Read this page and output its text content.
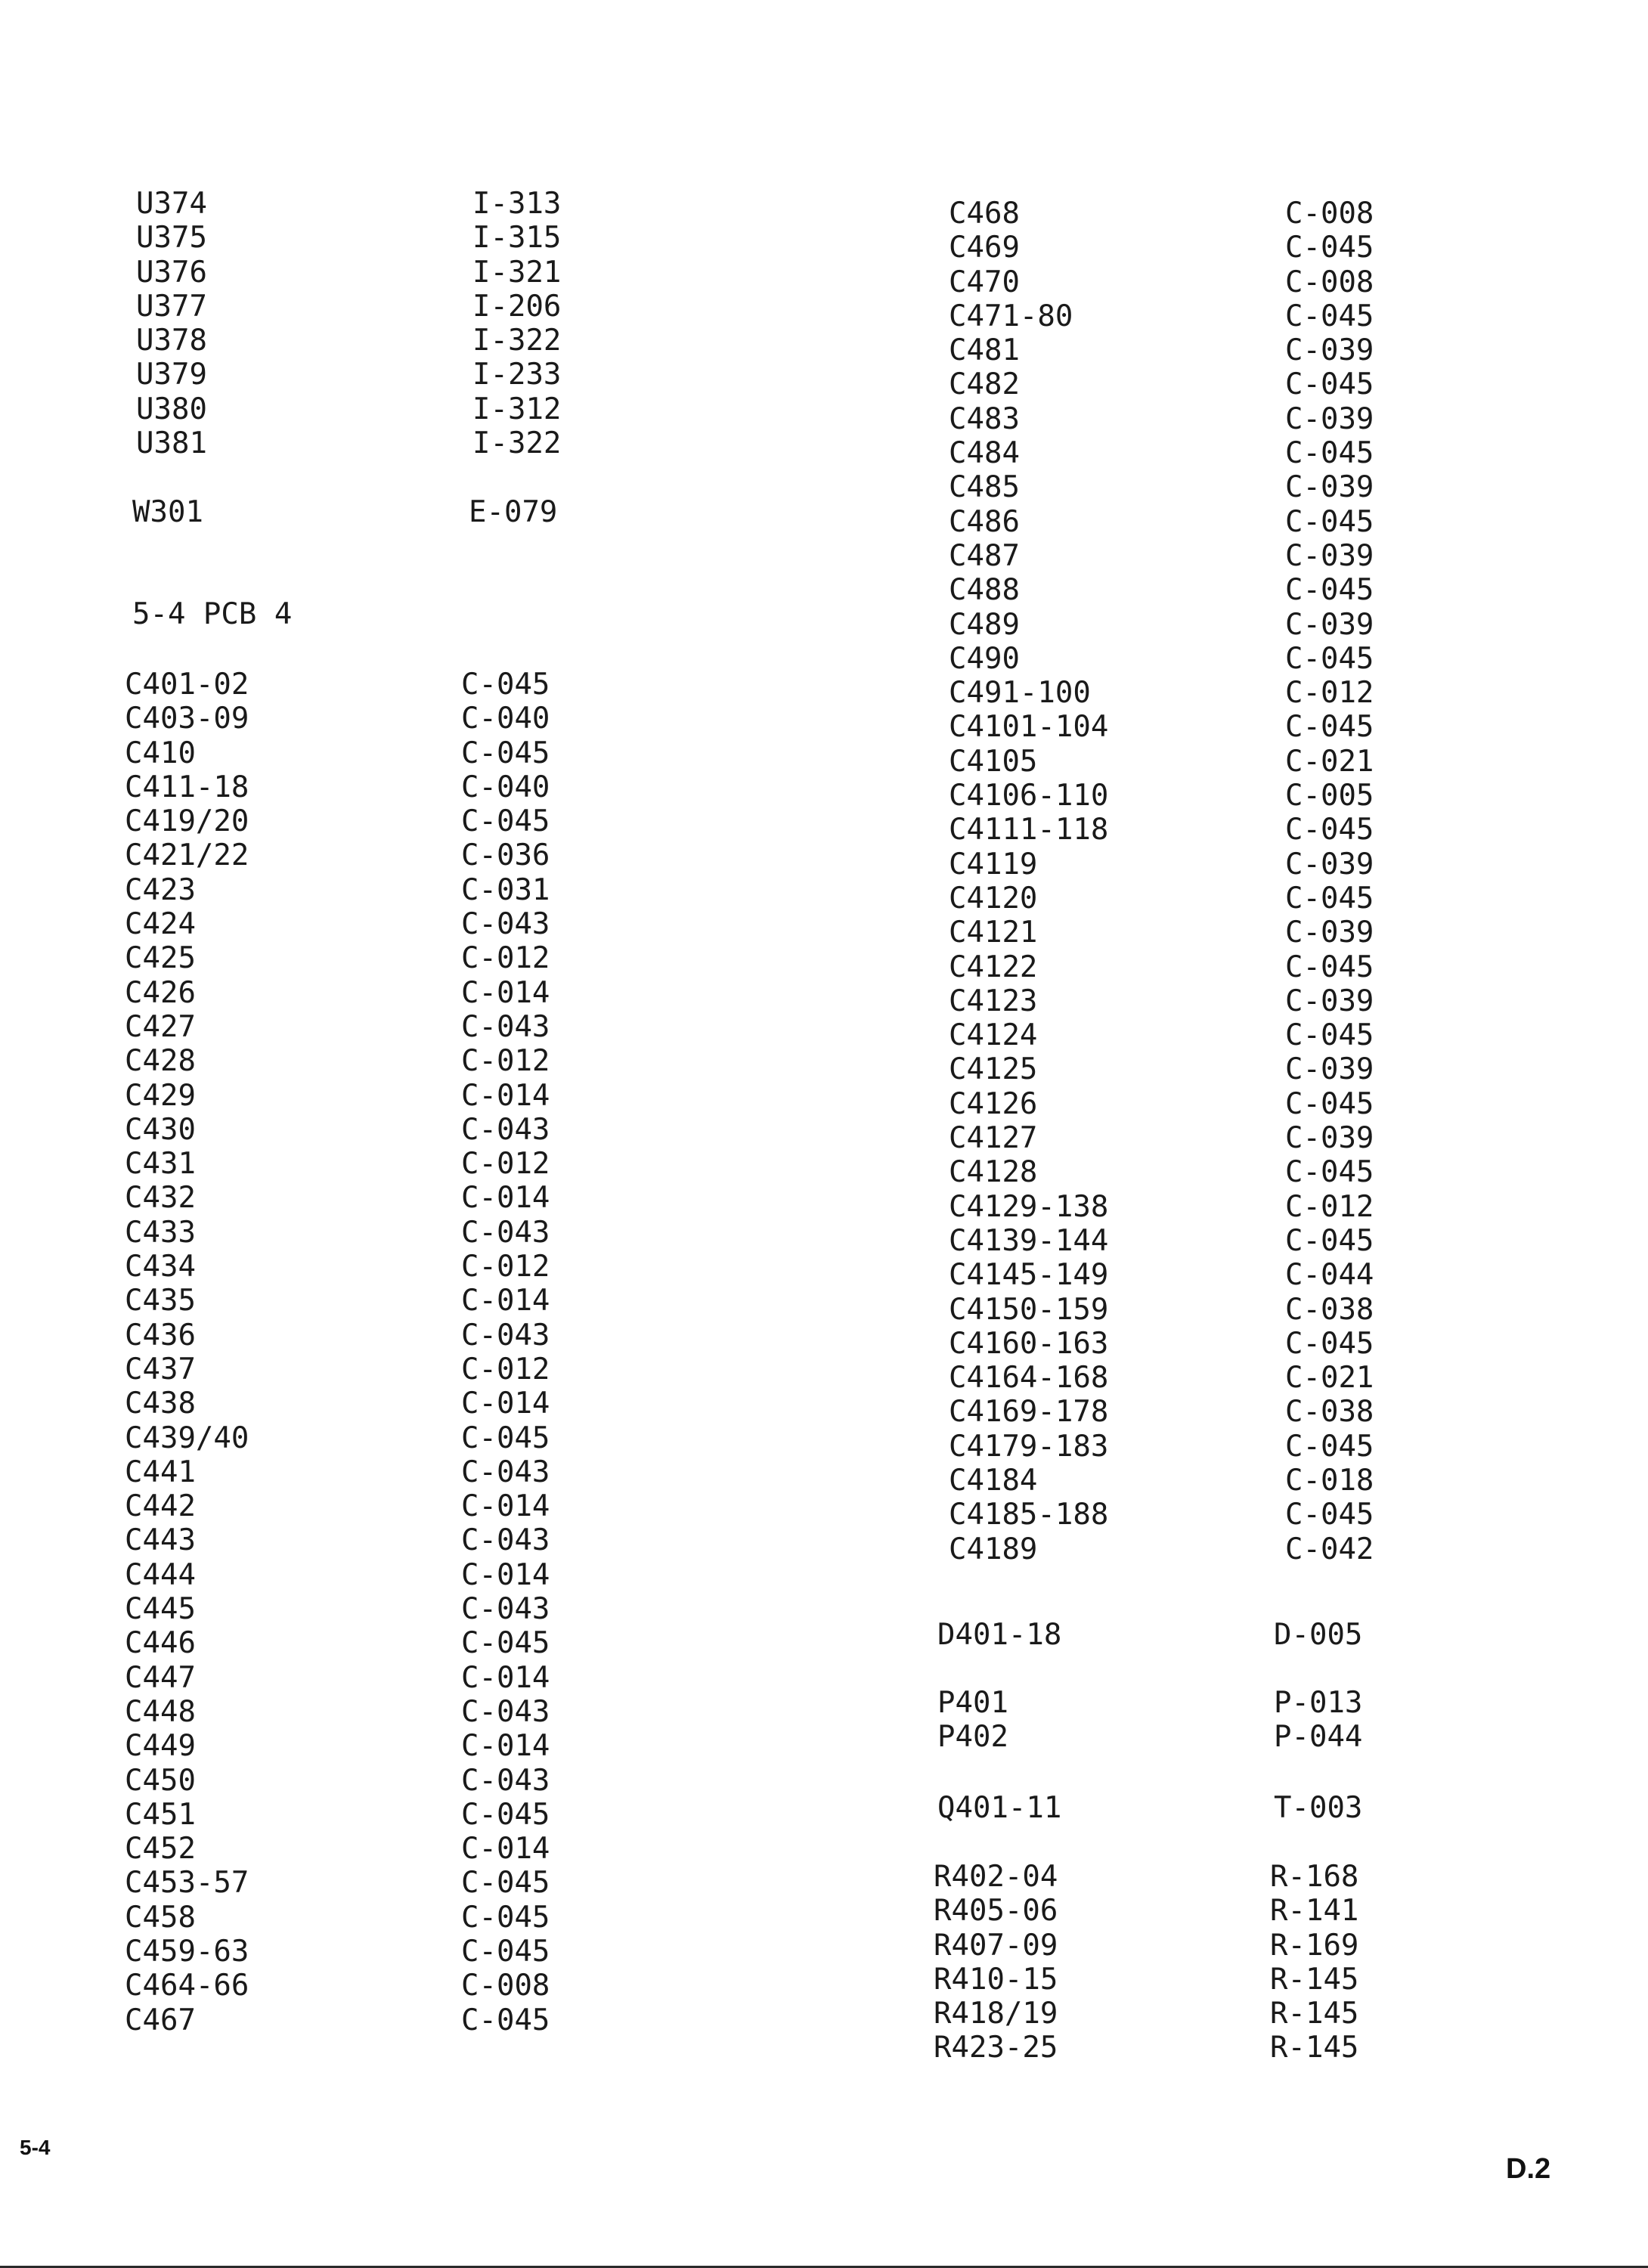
U374	I-313
U375	I-315
U376	I-321
U377	I-206
U378	I-322
U379	I-233
U380	I-312
U381	I-322
W301	E-079
5-4 PCB 4
C401-02	C-045
C403-09	C-040
C410	C-045
C411-18	C-040
C419/20	C-045
C421/22	C-036
C423	C-031
C424	C-043
C425	C-012
C426	C-014
C427	C-043
C428	C-012
C429	C-014
C430	C-043
C431	C-012
C432	C-014
C433	C-043
C434	C-012
C435	C-014
C436	C-043
C437	C-012
C438	C-014
C439/40	C-045
C441	C-043
C442	C-014
C443	C-043
C444	C-014
C445	C-043
C446	C-045
C447	C-014
C448	C-043
C449	C-014
C450	C-043
C451	C-045
C452	C-014
C453-57	C-045
C458	C-045
C459-63	C-045
C464-66	C-008
C467	C-045
C468	C-008
C469	C-045
C470	C-008
C471-80	C-045
C481	C-039
C482	C-045
C483	C-039
C484	C-045
C485	C-039
C486	C-045
C487	C-039
C488	C-045
C489	C-039
C490	C-045
C491-100	C-012
C4101-104	C-045
C4105	C-021
C4106-110	C-005
C4111-118	C-045
C4119	C-039
C4120	C-045
C4121	C-039
C4122	C-045
C4123	C-039
C4124	C-045
C4125	C-039
C4126	C-045
C4127	C-039
C4128	C-045
C4129-138	C-012
C4139-144	C-045
C4145-149	C-044
C4150-159	C-038
C4160-163	C-045
C4164-168	C-021
C4169-178	C-038
C4179-183	C-045
C4184	C-018
C4185-188	C-045
C4189	C-042
D401-18	D-005
P401	P-013
P402	P-044
Q401-11	T-003
R402-04	R-168
R405-06	R-141
R407-09	R-169
R410-15	R-145
R418/19	R-145
R423-25	R-145

5-4

D.2
